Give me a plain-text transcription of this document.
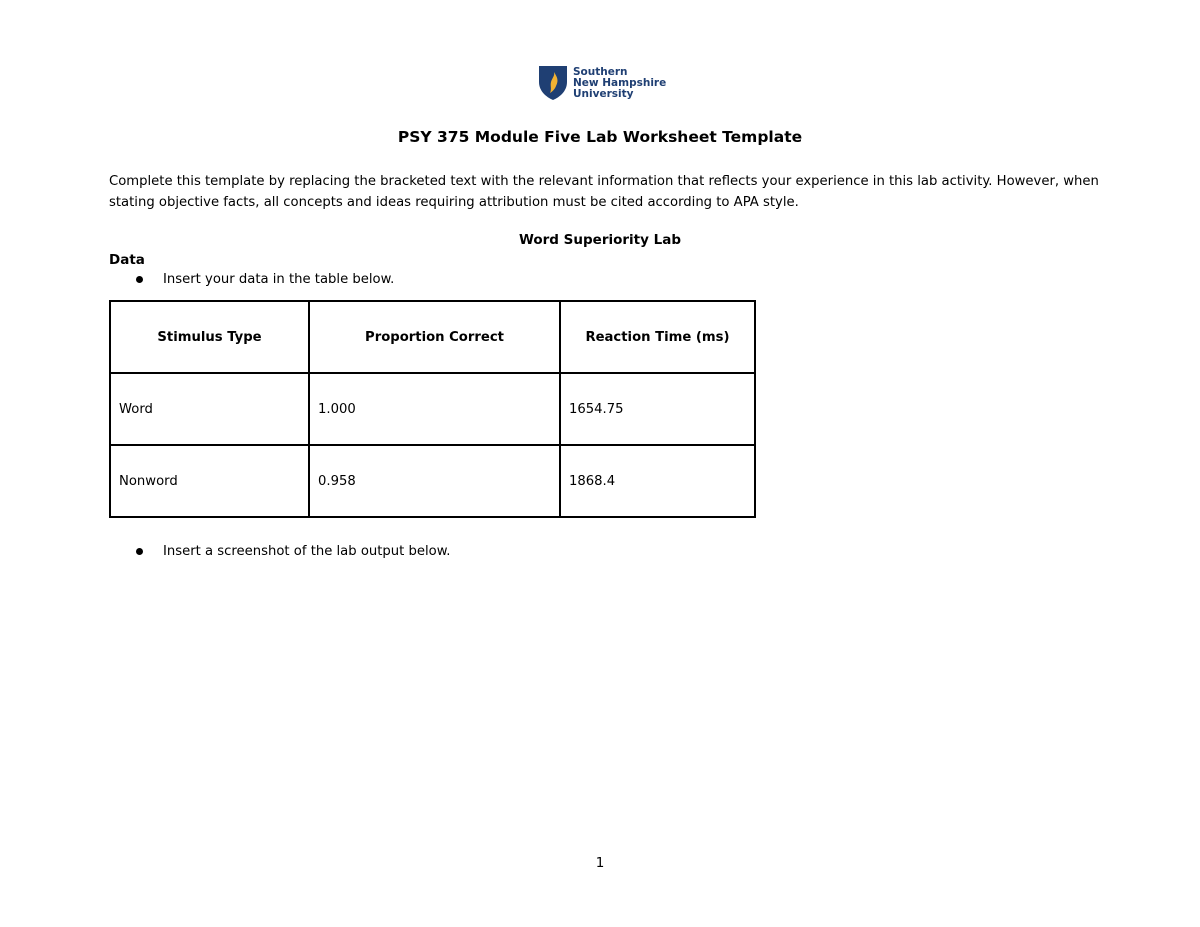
Southern
New Hampshire
University
PSY 375 Module Five Lab Worksheet Template

Complete this template by replacing the bracketed text with the relevant information that reflects your experience in this lab activity. However, when stating objective facts, all concepts and ideas requiring attribution must be cited according to APA style.

Word Superiority Lab
Data
Insert your data in the table below.
Stimulus Type	Proportion Correct	Reaction Time (ms)
Word	1.000	1654.75
Nonword	0.958	1868.4
Insert a screenshot of the lab output below.
1
